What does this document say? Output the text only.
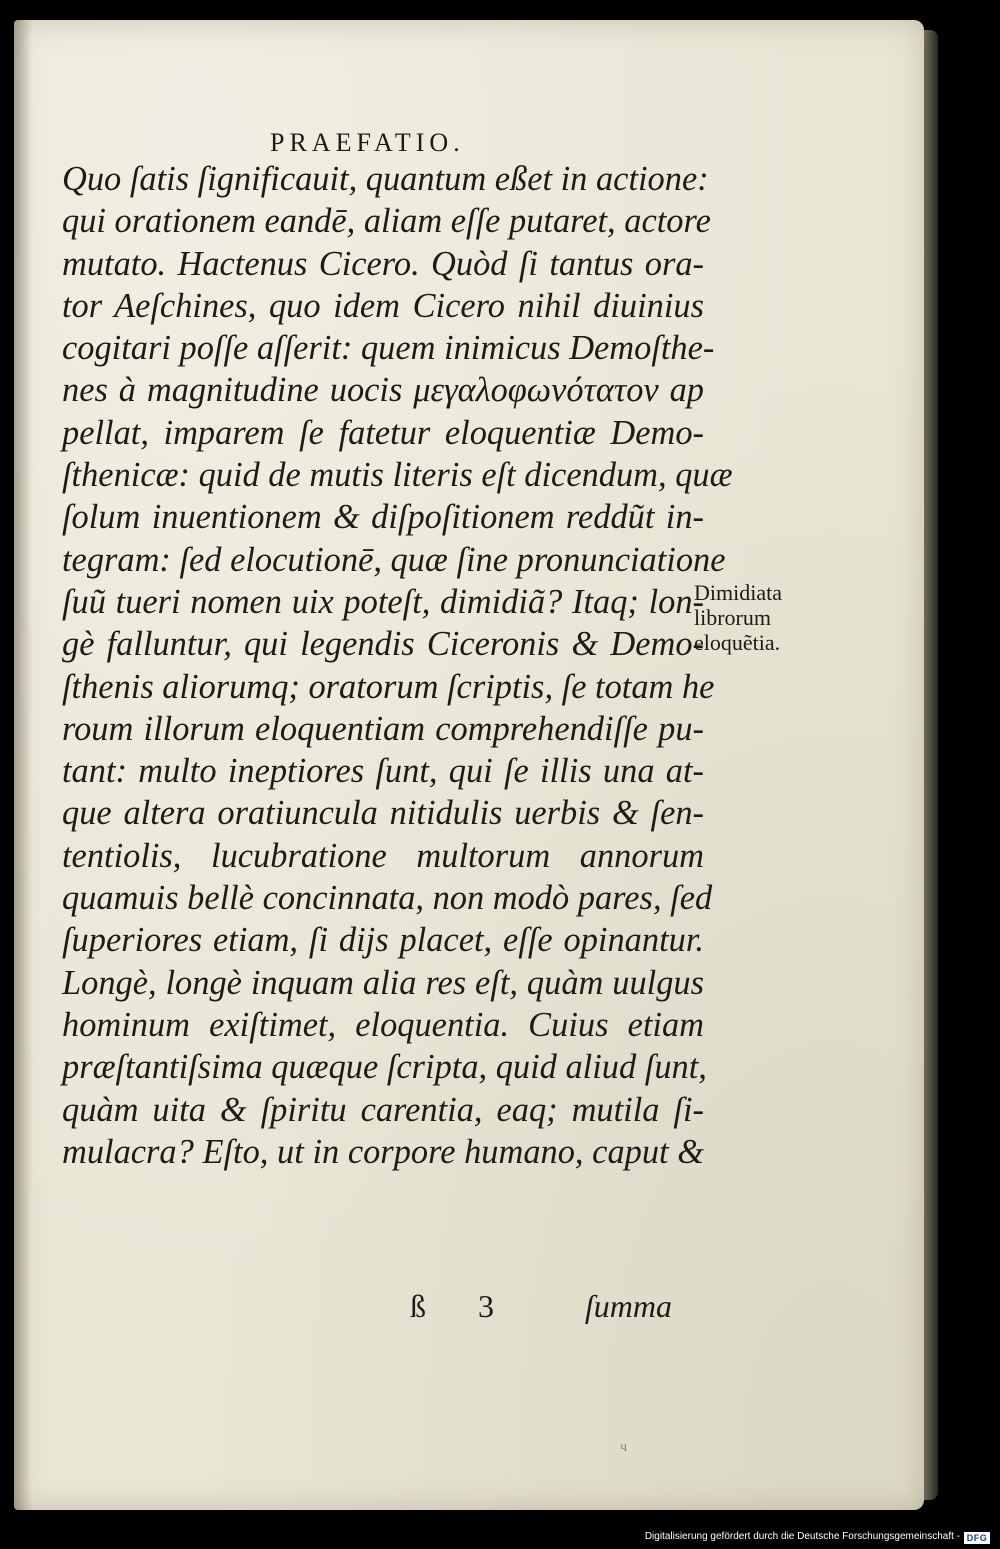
PRAEFATIO.
Quo ſatis ſignificauit, quantum eßet in actione:
qui orationem eandē, aliam eſſe putaret, actore
mutato. Hactenus Cicero. Quòd ſi tantus ora-
tor Aeſchines, quo idem Cicero nihil diuinius
cogitari poſſe aſſerit: quem inimicus Demoſthe-
nes à magnitudine uocis μεγαλοφωνότατον ap
pellat, imparem ſe fatetur eloquentiæ Demo-
ſthenicæ: quid de mutis literis eſt dicendum, quæ
ſolum inuentionem & diſpoſitionem reddũt in-
tegram: ſed elocutionē, quæ ſine pronunciatione
ſuũ tueri nomen uix poteſt, dimidiã? Itaq; lon-
gè falluntur, qui legendis Ciceronis & Demo-
ſthenis aliorumq; oratorum ſcriptis, ſe totam he
roum illorum eloquentiam comprehendiſſe pu-
tant: multo ineptiores ſunt, qui ſe illis una at-
que altera oratiuncula nitidulis uerbis & ſen-
tentiolis, lucubratione multorum annorum
quamuis bellè concinnata, non modò pares, ſed
ſuperiores etiam, ſi dijs placet, eſſe opinantur.
Longè, longè inquam alia res eſt, quàm uulgus
hominum exiſtimet, eloquentia. Cuius etiam
præſtantiſsima quæque ſcripta, quid aliud ſunt,
quàm uita & ſpiritu carentia, eaq; mutila ſi-
mulacra? Eſto, ut in corpore humano, caput &
Dimidiata
librorum
eloquẽtia.
ß 3	ſumma
ч
Digitalisierung gefördert durch die Deutsche Forschungsgemeinschaft - DFG
